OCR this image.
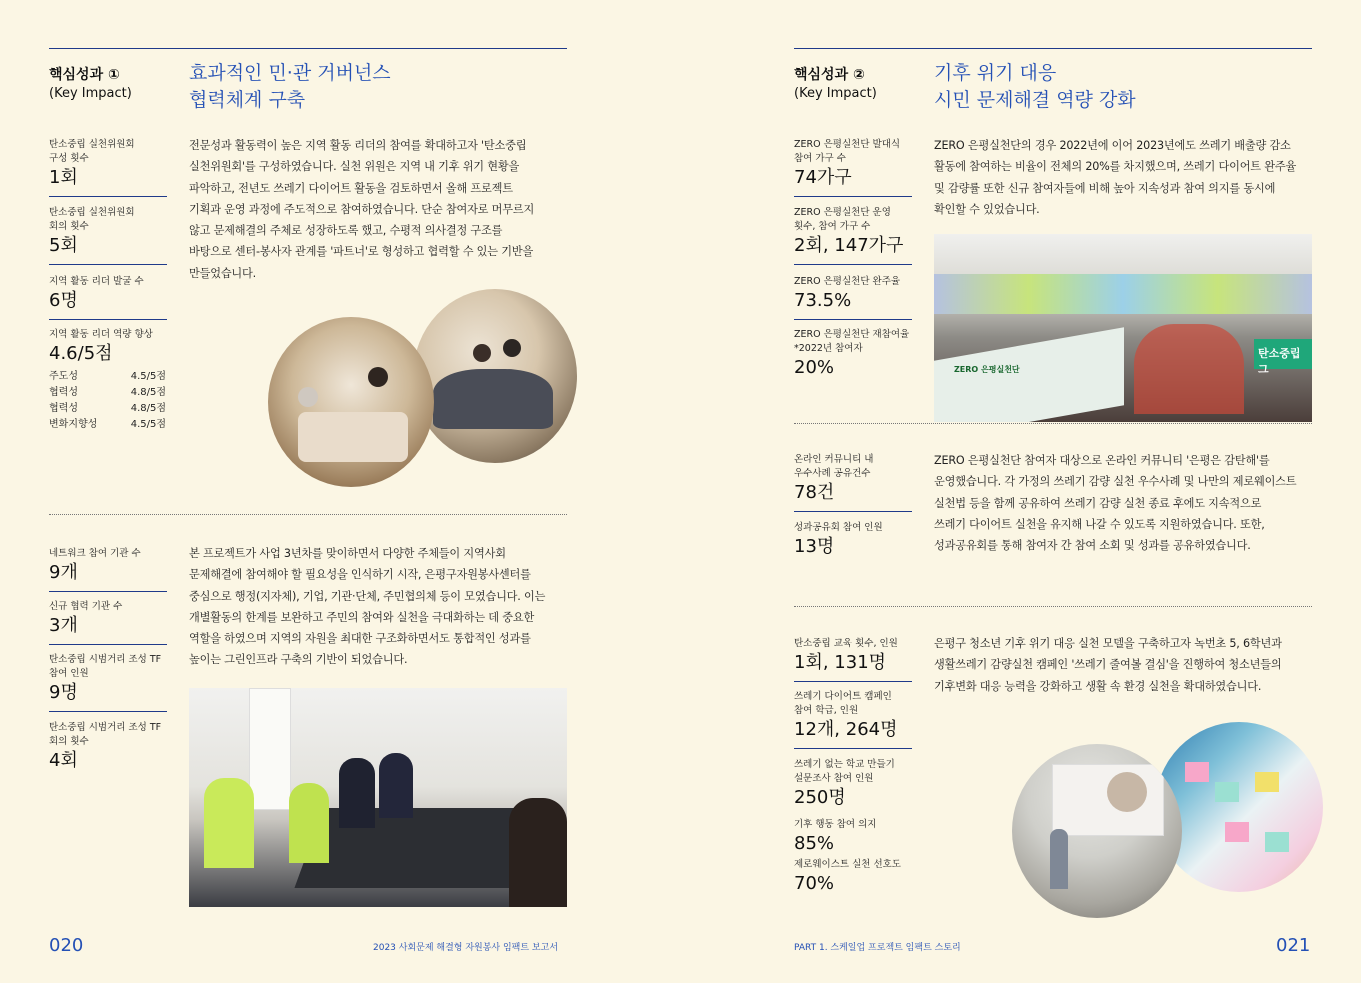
핵심성과 ①
(Key Impact)
효과적인 민·관 거버넌스
협력체계 구축
탄소중립 실천위원회
구성 횟수
1회
탄소중립 실천위원회
회의 횟수
5회
지역 활동 리더 발굴 수
6명
지역 활동 리더 역량 향상
4.6/5점
주도성	4.5/5점
협력성	4.8/5점
협력성	4.8/5점
변화지향성	4.5/5점
전문성과 활동력이 높은 지역 활동 리더의 참여를 확대하고자 '탄소중립
실천위원회'를 구성하였습니다. 실천 위원은 지역 내 기후 위기 현황을
파악하고, 전년도 쓰레기 다이어트 활동을 검토하면서 올해 프로젝트
기획과 운영 과정에 주도적으로 참여하였습니다. 단순 참여자로 머무르지
않고 문제해결의 주체로 성장하도록 했고, 수평적 의사결정 구조를
바탕으로 센터-봉사자 관계를 '파트너'로 형성하고 협력할 수 있는 기반을
만들었습니다.
네트워크 참여 기관 수
9개
신규 협력 기관 수
3개
탄소중립 시범거리 조성 TF
참여 인원
9명
탄소중립 시범거리 조성 TF
회의 횟수
4회
본 프로젝트가 사업 3년차를 맞이하면서 다양한 주체들이 지역사회
문제해결에 참여해야 할 필요성을 인식하기 시작, 은평구자원봉사센터를
중심으로 행정(지자체), 기업, 기관·단체, 주민협의체 등이 모였습니다. 이는
개별활동의 한계를 보완하고 주민의 참여와 실천을 극대화하는 데 중요한
역할을 하였으며 지역의 자원을 최대한 구조화하면서도 통합적인 성과를
높이는 그린인프라 구축의 기반이 되었습니다.
020	2023 사회문제 해결형 자원봉사 임팩트 보고서
핵심성과 ②
(Key Impact)
기후 위기 대응
시민 문제해결 역량 강화
ZERO 은평실천단 발대식
참여 가구 수
74가구
ZERO 은평실천단 운영
횟수, 참여 가구 수
2회, 147가구
ZERO 은평실천단 완주율
73.5%
ZERO 은평실천단 재참여율
*2022년 참여자
20%
ZERO 은평실천단의 경우 2022년에 이어 2023년에도 쓰레기 배출량 감소
활동에 참여하는 비율이 전체의 20%를 차지했으며, 쓰레기 다이어트 완주율
및 감량률 또한 신규 참여자들에 비해 높아 지속성과 참여 의지를 동시에
확인할 수 있었습니다.
ZERO 은평실천단
탄소중립 그
온라인 커뮤니티 내
우수사례 공유건수
78건
성과공유회 참여 인원
13명
ZERO 은평실천단 참여자 대상으로 온라인 커뮤니티 '은평은 감탄해'를
운영했습니다. 각 가정의 쓰레기 감량 실천 우수사례 및 나만의 제로웨이스트
실천법 등을 함께 공유하여 쓰레기 감량 실천 종료 후에도 지속적으로
쓰레기 다이어트 실천을 유지해 나갈 수 있도록 지원하였습니다. 또한,
성과공유회를 통해 참여자 간 참여 소회 및 성과를 공유하였습니다.
탄소중립 교육 횟수, 인원
1회, 131명
쓰레기 다이어트 캠페인
참여 학급, 인원
12개, 264명
쓰레기 없는 학교 만들기
설문조사 참여 인원
250명
기후 행동 참여 의지
85%
제로웨이스트 실천 선호도
70%
은평구 청소년 기후 위기 대응 실천 모델을 구축하고자 녹번초 5, 6학년과
생활쓰레기 감량실천 캠페인 '쓰레기 줄여볼 결심'을 진행하여 청소년들의
기후변화 대응 능력을 강화하고 생활 속 환경 실천을 확대하였습니다.
021
PART 1. 스케일업 프로젝트 임팩트 스토리
